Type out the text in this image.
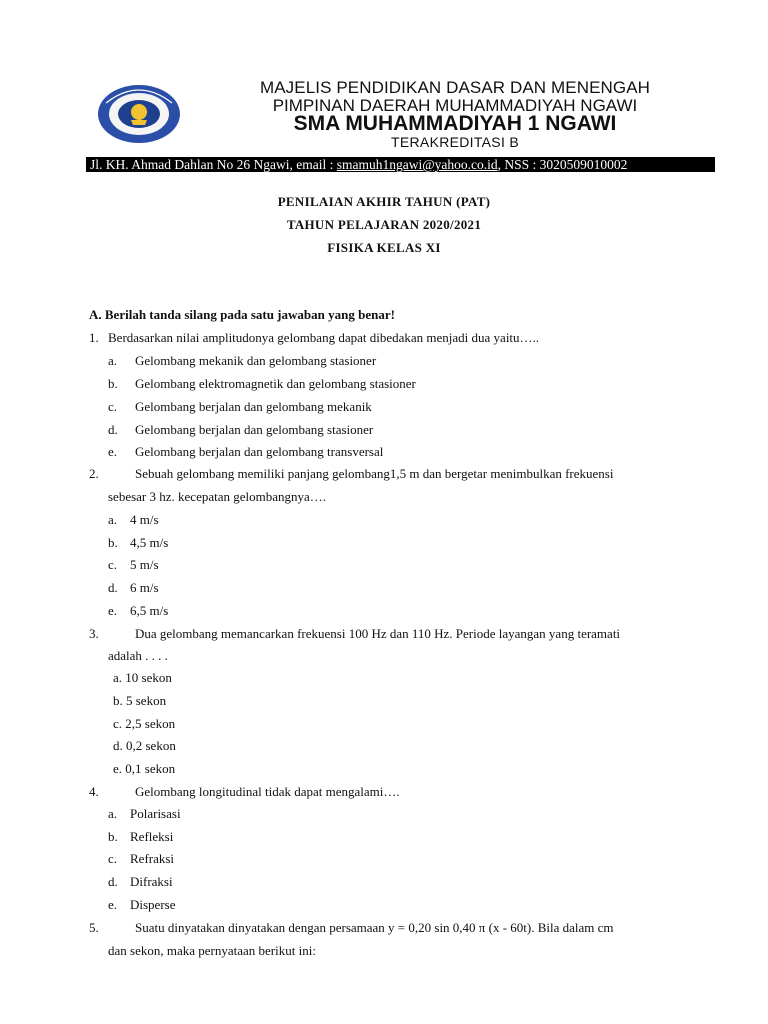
MAJELIS PENDIDIKAN DASAR DAN MENENGAH
PIMPINAN DAERAH MUHAMMADIYAH NGAWI
SMA MUHAMMADIYAH 1 NGAWI
TERAKREDITASI B
Jl. KH. Ahmad Dahlan No 26 Ngawi, email : smamuh1ngawi@yahoo.co.id, NSS : 3020509010002
PENILAIAN AKHIR TAHUN (PAT)
TAHUN PELAJARAN 2020/2021
FISIKA KELAS XI
A. Berilah tanda silang pada satu jawaban yang benar!
1. Berdasarkan nilai amplitudonya gelombang dapat dibedakan menjadi dua yaitu…..
a. Gelombang mekanik dan gelombang stasioner
b. Gelombang elektromagnetik dan gelombang stasioner
c. Gelombang berjalan dan gelombang mekanik
d. Gelombang berjalan dan gelombang stasioner
e. Gelombang berjalan dan gelombang transversal
2.	Sebuah gelombang memiliki panjang gelombang1,5 m dan bergetar menimbulkan frekuensi
sebesar 3 hz. kecepatan gelombangnya….
a. 4 m/s
b. 4,5 m/s
c. 5 m/s
d. 6 m/s
e. 6,5 m/s
3.	Dua gelombang memancarkan frekuensi 100 Hz dan 110 Hz. Periode layangan yang teramati
adalah . . . .
a. 10 sekon
b. 5 sekon
c. 2,5 sekon
d. 0,2 sekon
e. 0,1 sekon
4.	Gelombang longitudinal tidak dapat mengalami….
a. Polarisasi
b. Refleksi
c. Refraksi
d. Difraksi
e. Disperse
5.	Suatu dinyatakan dinyatakan dengan persamaan y = 0,20 sin 0,40 π (x - 60t). Bila dalam cm
dan sekon, maka pernyataan berikut ini:
